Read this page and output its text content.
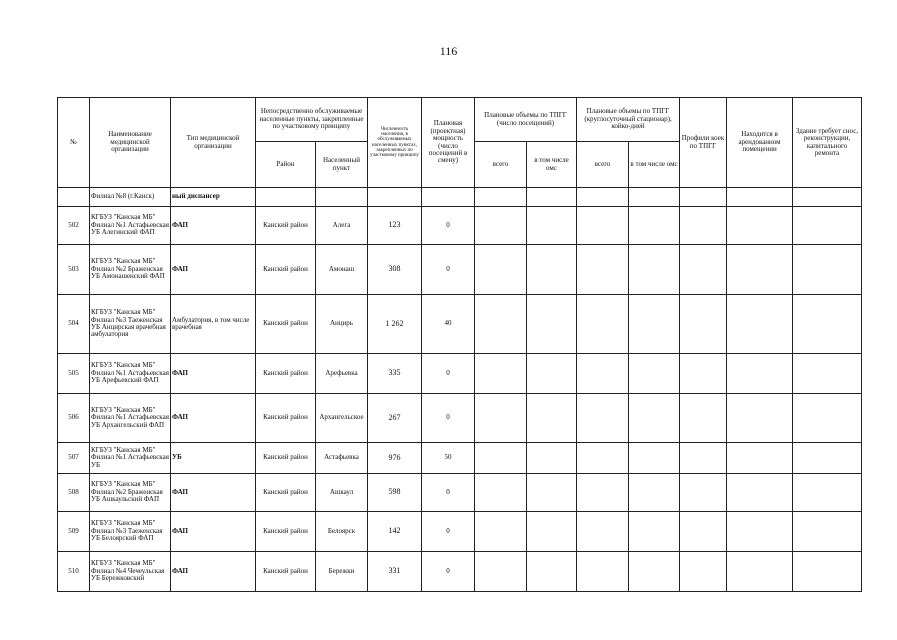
116
№	Наименование медицинской организации	Тип медицинской организации	Непосредственно обслуживаемые населенные пункты, закрепленные по участковому принципу		Численность населения, в обслуживаемых населенных пунктах, закрепленных по участковому принципу	Плановая (проектная) мощность (число посещений в смену)	Плановые объемы по ТПГГ (число посещений)		Плановые объемы по ТПГГ (круглосуточный стационар), койко-дней		Профили коек по ТПГГ	Находится в арендованном помещении	Здание требует снос, реконструкции, капитального ремонта
			Район	Населенный пункт			всего	в том числе омс	всего	в том числе омс			
	Филиал №8 (г.Канск)	ный диспансер											
502	КГБУЗ "Канская МБ" Филиал №1 Астафьевская УБ Алегинский ФАП	ФАП	Канский район	Алега	123	0							
503	КГБУЗ "Канская МБ" Филиал №2 Браженская УБ Амонашенский ФАП	ФАП	Канский район	Амонаш	308	0							
504	КГБУЗ "Канская МБ" Филиал №3 Таеженская УБ Анцирская врачебная амбулатория	Амбулатория, в том числе врачебная	Канский район	Анцирь	1 262	40							
505	КГБУЗ "Канская МБ" Филиал №1 Астафьевская УБ Арефьевский ФАП	ФАП	Канский район	Арефьевка	335	0							
506	КГБУЗ "Канская МБ" Филиал №1 Астафьевская УБ Архангельский ФАП	ФАП	Канский район	Архангельское	267	0							
507	КГБУЗ "Канская МБ" Филиал №1 Астафьевская УБ	УБ	Канский район	Астафьевка	976	50							
508	КГБУЗ "Канская МБ" Филиал №2 Браженская УБ Ашкаульский ФАП	ФАП	Канский район	Ашкаул	598	0							
509	КГБУЗ "Канская МБ" Филиал №3 Таеженская УБ Белоярский ФАП	ФАП	Канский район	Белоярск	142	0							
510	КГБУЗ "Канская МБ" Филиал №4 Чечеульская УБ Бережковский	ФАП	Канский район	Бережки	331	0							
